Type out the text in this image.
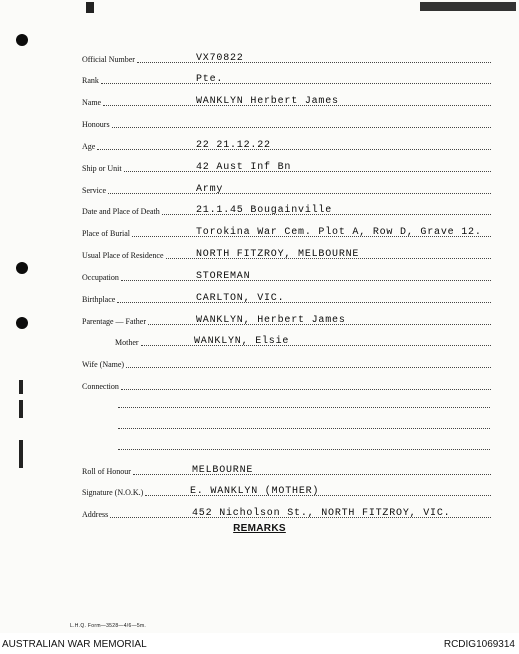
Official Number	VX70822
Rank	Pte.
Name	WANKLYN Herbert James
Honours
Age	22 21.12.22
Ship or Unit	42 Aust Inf Bn
Service	Army
Date and Place of Death	21.1.45 Bougainville
Place of Burial	Torokina War Cem. Plot A, Row D, Grave 12.
Usual Place of Residence	NORTH FITZROY, MELBOURNE
Occupation	STOREMAN
Birthplace	CARLTON, VIC.
Parentage — Father	WANKLYN, Herbert James
Mother	WANKLYN, Elsie
Wife (Name)
Connection
Roll of Honour	MELBOURNE
Signature (N.O.K.)	E. WANKLYN (MOTHER)
Address	452 Nicholson St., NORTH FITZROY, VIC.
REMARKS
L.H.Q. Form—3528—4/6—5m.
AUSTRALIAN WAR MEMORIAL	RCDIG1069314
